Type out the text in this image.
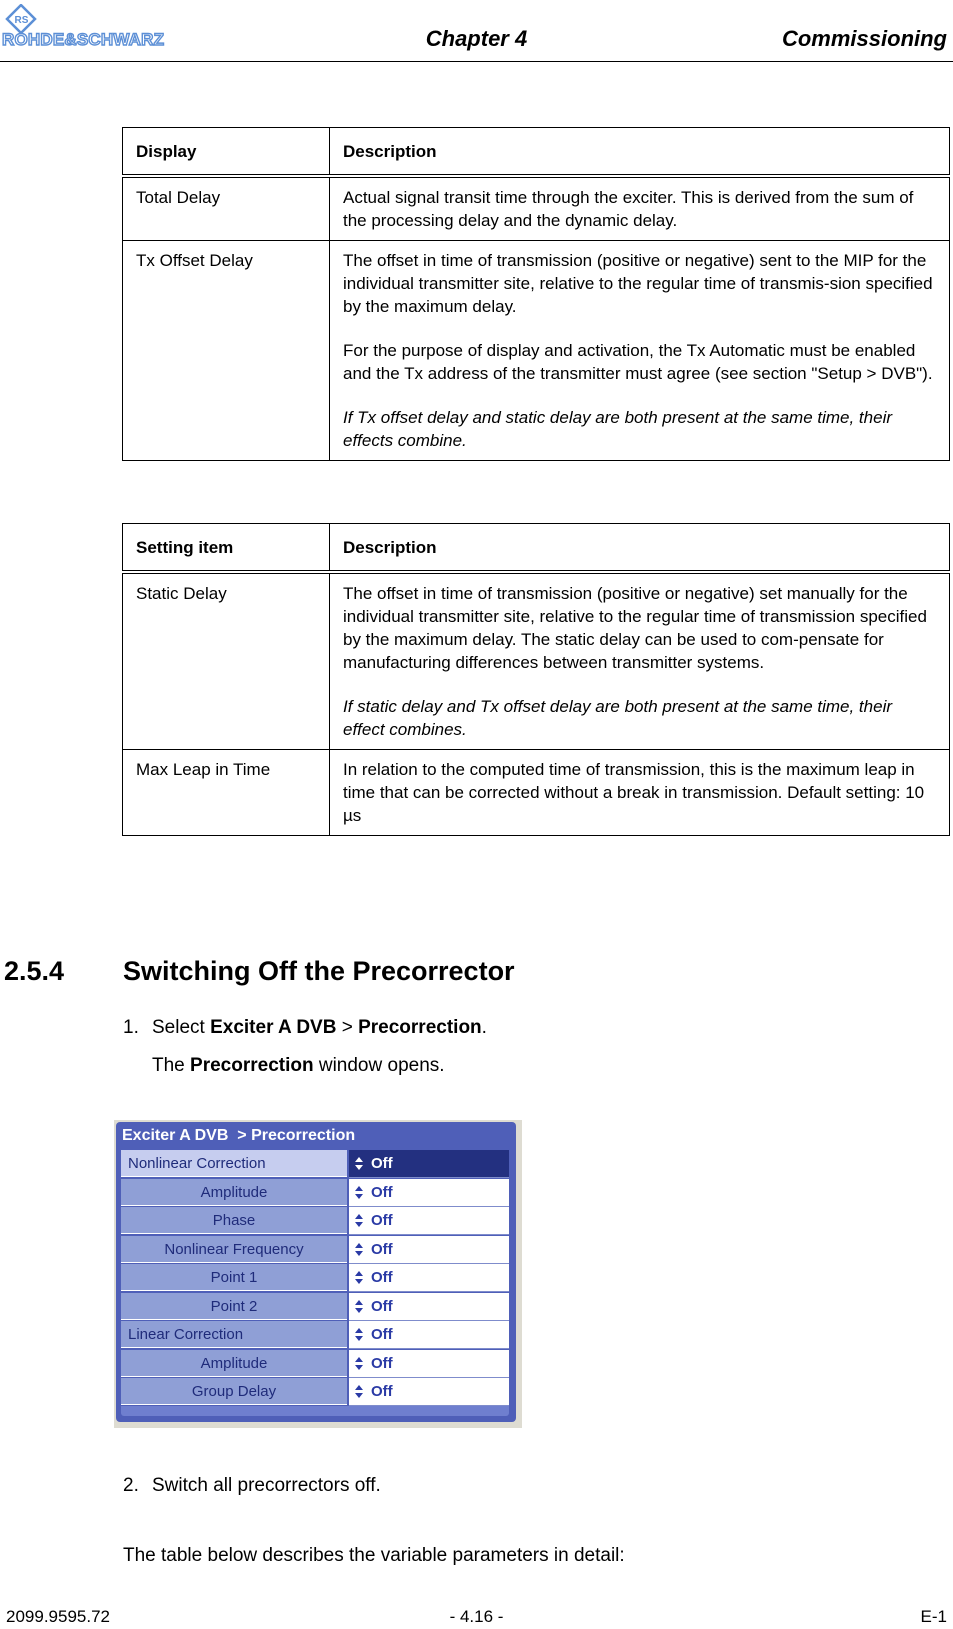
RS
ROHDE&SCHWARZ	Chapter 4	Commissioning
Display	Description
Total Delay	Actual signal transit time through the exciter. This is derived from the sum of the processing delay and the dynamic delay.

Tx Offset Delay	The offset in time of transmission (positive or negative) sent to the MIP for the individual transmitter site, relative to the regular time of transmis-sion specified by the maximum delay.

For the purpose of display and activation, the Tx Automatic must be enabled and the Tx address of the transmitter must agree (see section "Setup > DVB").

If Tx offset delay and static delay are both present at the same time, their effects combine.

Setting item	Description
Static Delay	The offset in time of transmission (positive or negative) set manually for the individual transmitter site, relative to the regular time of transmission specified by the maximum delay. The static delay can be used to com-pensate for manufacturing differences between transmitter systems.

If static delay and Tx offset delay are both present at the same time, their effect combines.

Max Leap in Time	In relation to the computed time of transmission, this is the maximum leap in time that can be corrected without a break in transmission. Default setting: 10 µs

2.5.4 Switching Off the Precorrector
1. Select Exciter A DVB > Precorrection.
The Precorrection window opens.
Exciter A DVB  > Precorrection
Nonlinear Correction	Off
Amplitude	Off
Phase	Off
Nonlinear Frequency	Off
Point 1	Off
Point 2	Off
Linear Correction	Off
Amplitude	Off
Group Delay	Off
2. Switch all precorrectors off.
The table below describes the variable parameters in detail:
2099.9595.72	- 4.16 -	E-1
